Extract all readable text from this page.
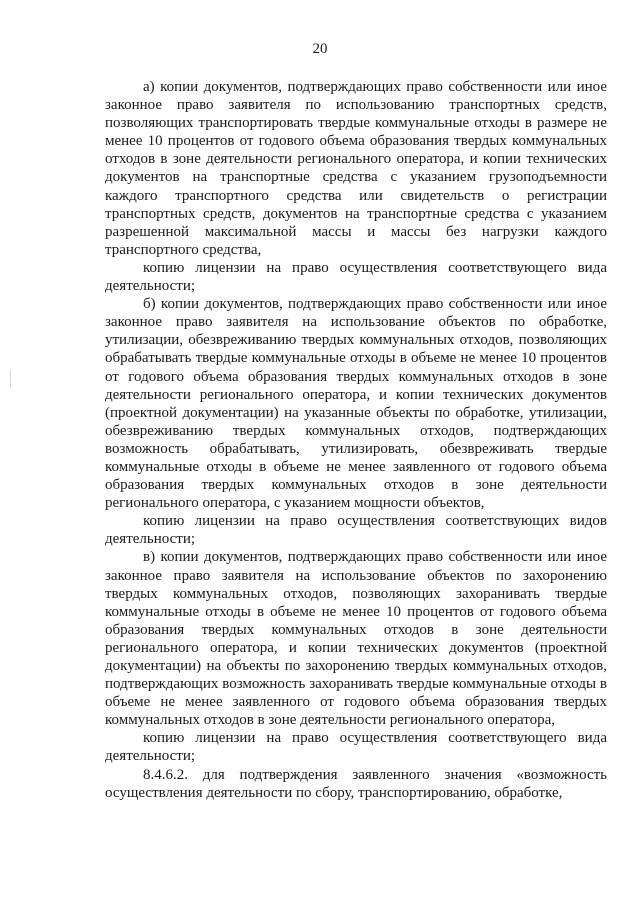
20

а) копии документов, подтверждающих право собственности или иное законное право заявителя по использованию транспортных средств, позволяющих транспортировать твердые коммунальные отходы в размере не менее 10 процентов от годового объема образования твердых коммунальных отходов в зоне деятельности регионального оператора, и копии технических документов на транспортные средства с указанием грузоподъемности каждого транспортного средства или свидетельств о регистрации транспортных средств, документов на транспортные средства с указанием разрешенной максимальной массы и массы без нагрузки каждого транспортного средства,

копию лицензии на право осуществления соответствующего вида деятельности;

б) копии документов, подтверждающих право собственности или иное законное право заявителя на использование объектов по обработке, утилизации, обезвреживанию твердых коммунальных отходов, позволяющих обрабатывать твердые коммунальные отходы в объеме не менее 10 процентов от годового объема образования твердых коммунальных отходов в зоне деятельности регионального оператора, и копии технических документов (проектной документации) на указанные объекты по обработке, утилизации, обезвреживанию твердых коммунальных отходов, подтверждающих возможность обрабатывать, утилизировать, обезвреживать твердые коммунальные отходы в объеме не менее заявленного от годового объема образования твердых коммунальных отходов в зоне деятельности регионального оператора, с указанием мощности объектов,

копию лицензии на право осуществления соответствующих видов деятельности;

в) копии документов, подтверждающих право собственности или иное законное право заявителя на использование объектов по захоронению твердых коммунальных отходов, позволяющих захоранивать твердые коммунальные отходы в объеме не менее 10 процентов от годового объема образования твердых коммунальных отходов в зоне деятельности регионального оператора, и копии технических документов (проектной документации) на объекты по захоронению твердых коммунальных отходов, подтверждающих возможность захоранивать твердые коммунальные отходы в объеме не менее заявленного от годового объема образования твердых коммунальных отходов в зоне деятельности регионального оператора,

копию лицензии на право осуществления соответствующего вида деятельности;

8.4.6.2. для подтверждения заявленного значения «возможность осуществления деятельности по сбору, транспортированию, обработке,
